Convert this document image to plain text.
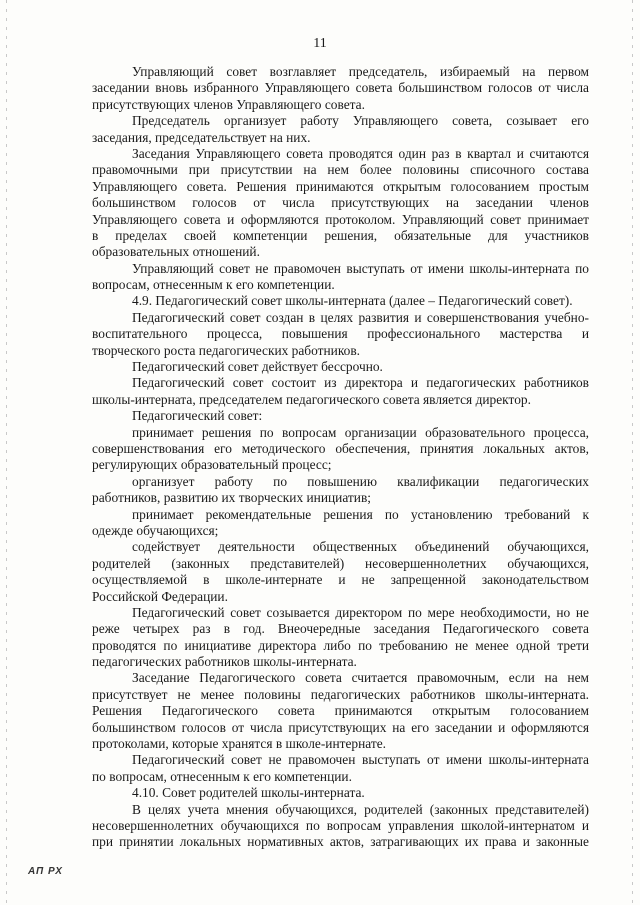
11
Управляющий совет возглавляет председатель, избираемый на первом
заседании вновь избранного Управляющего совета большинством голосов от числа
присутствующих членов Управляющего совета.
Председатель организует работу Управляющего совета, созывает его
заседания, председательствует на них.
Заседания Управляющего совета проводятся один раз в квартал и считаются
правомочными при присутствии на нем более половины списочного состава
Управляющего совета. Решения принимаются открытым голосованием простым
большинством голосов от числа присутствующих на заседании членов
Управляющего совета и оформляются протоколом. Управляющий совет принимает
в пределах своей компетенции решения, обязательные для участников
образовательных отношений.
Управляющий совет не правомочен выступать от имени школы-интерната по
вопросам, отнесенным к его компетенции.
4.9. Педагогический совет школы-интерната (далее – Педагогический совет).
Педагогический совет создан в целях развития и совершенствования учебно-
воспитательного процесса, повышения профессионального мастерства и
творческого роста педагогических работников.
Педагогический совет действует бессрочно.
Педагогический совет состоит из директора и педагогических работников
школы-интерната, председателем педагогического совета является директор.
Педагогический совет:
принимает решения по вопросам организации образовательного процесса,
совершенствования его методического обеспечения, принятия локальных актов,
регулирующих образовательный процесс;
организует работу по повышению квалификации педагогических
работников, развитию их творческих инициатив;
принимает рекомендательные решения по установлению требований к
одежде обучающихся;
содействует деятельности общественных объединений обучающихся,
родителей (законных представителей) несовершеннолетних обучающихся,
осуществляемой в школе-интернате и не запрещенной законодательством
Российской Федерации.
Педагогический совет созывается директором по мере необходимости, но не
реже четырех раз в год. Внеочередные заседания Педагогического совета
проводятся по инициативе директора либо по требованию не менее одной трети
педагогических работников школы-интерната.
Заседание Педагогического совета считается правомочным, если на нем
присутствует не менее половины педагогических работников школы-интерната.
Решения Педагогического совета принимаются открытым голосованием
большинством голосов от числа присутствующих на его заседании и оформляются
протоколами, которые хранятся в школе-интернате.
Педагогический совет не правомочен выступать от имени школы-интерната
по вопросам, отнесенным к его компетенции.
4.10. Совет родителей школы-интерната.
В целях учета мнения обучающихся, родителей (законных представителей)
несовершеннолетних обучающихся по вопросам управления школой-интернатом и
при принятии локальных нормативных актов, затрагивающих их права и законные
АП РХ
